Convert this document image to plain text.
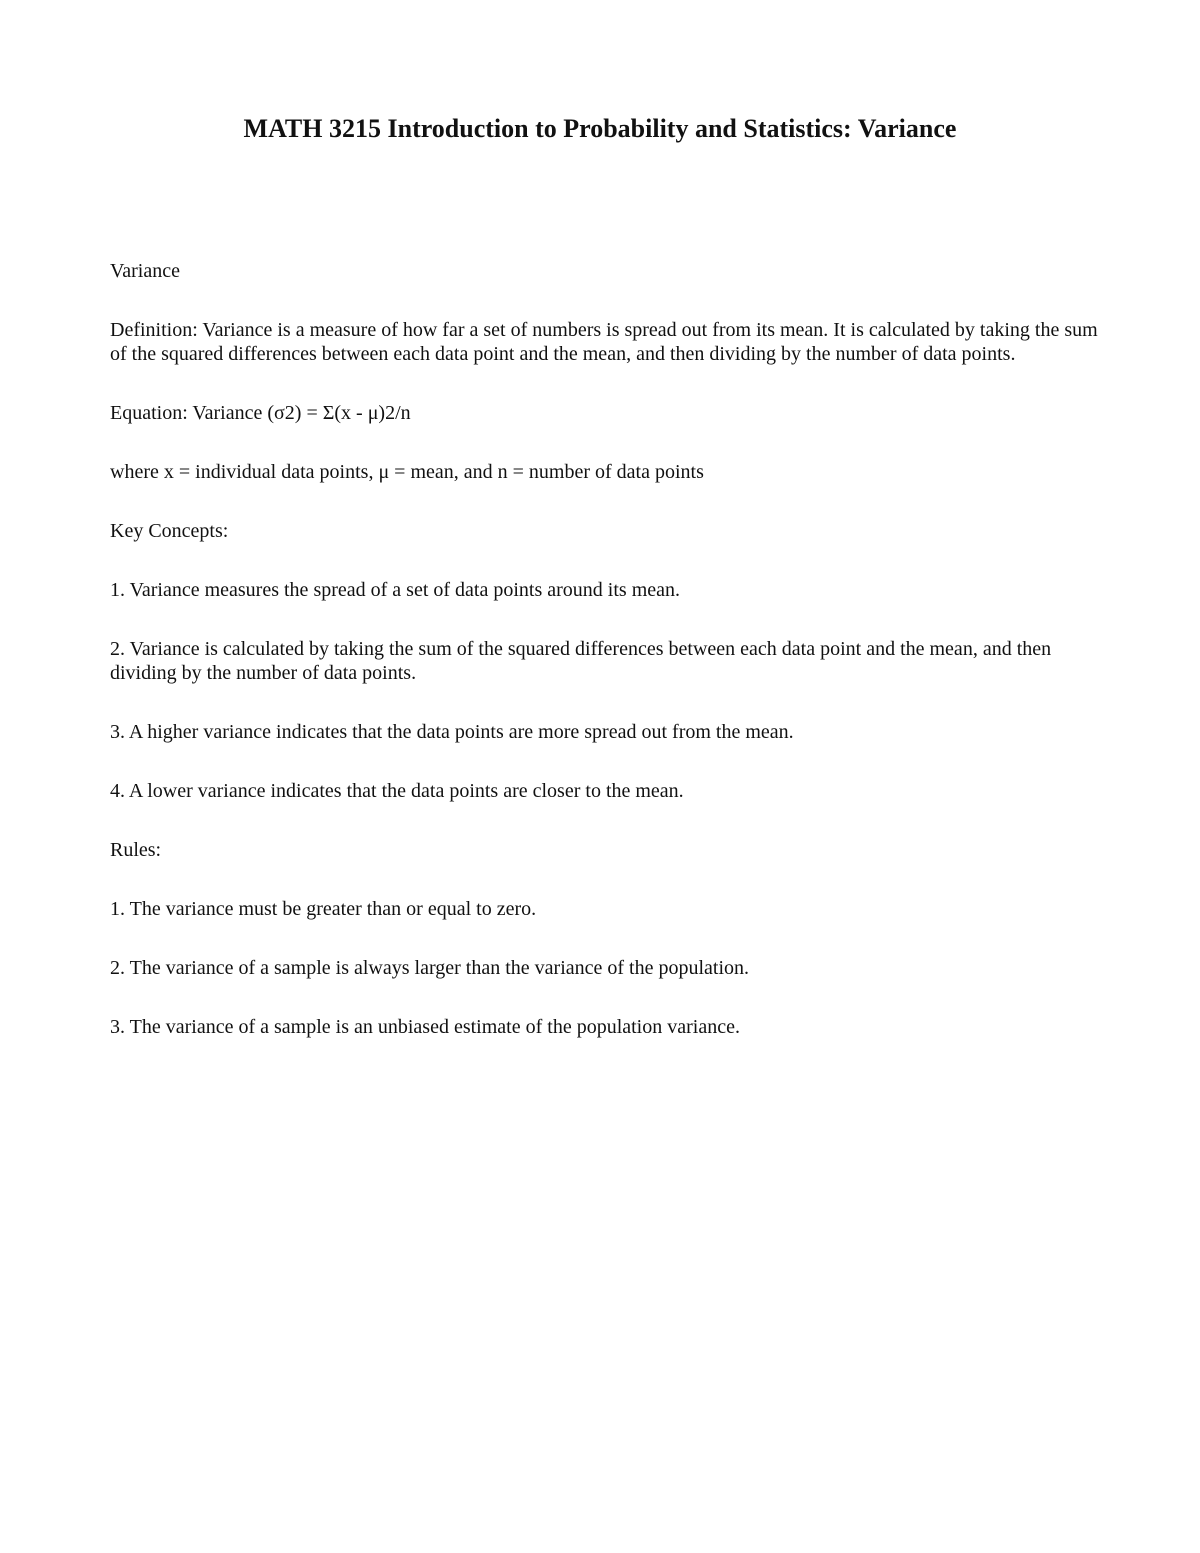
MATH 3215 Introduction to Probability and Statistics: Variance

Variance

Definition: Variance is a measure of how far a set of numbers is spread out from its mean. It is calculated by taking the sum of the squared differences between each data point and the mean, and then dividing by the number of data points.

Equation: Variance (σ2) = Σ(x - μ)2/n

where x = individual data points, μ = mean, and n = number of data points

Key Concepts:

1. Variance measures the spread of a set of data points around its mean.

2. Variance is calculated by taking the sum of the squared differences between each data point and the mean, and then dividing by the number of data points.

3. A higher variance indicates that the data points are more spread out from the mean.

4. A lower variance indicates that the data points are closer to the mean.

Rules:

1. The variance must be greater than or equal to zero.

2. The variance of a sample is always larger than the variance of the population.

3. The variance of a sample is an unbiased estimate of the population variance.
